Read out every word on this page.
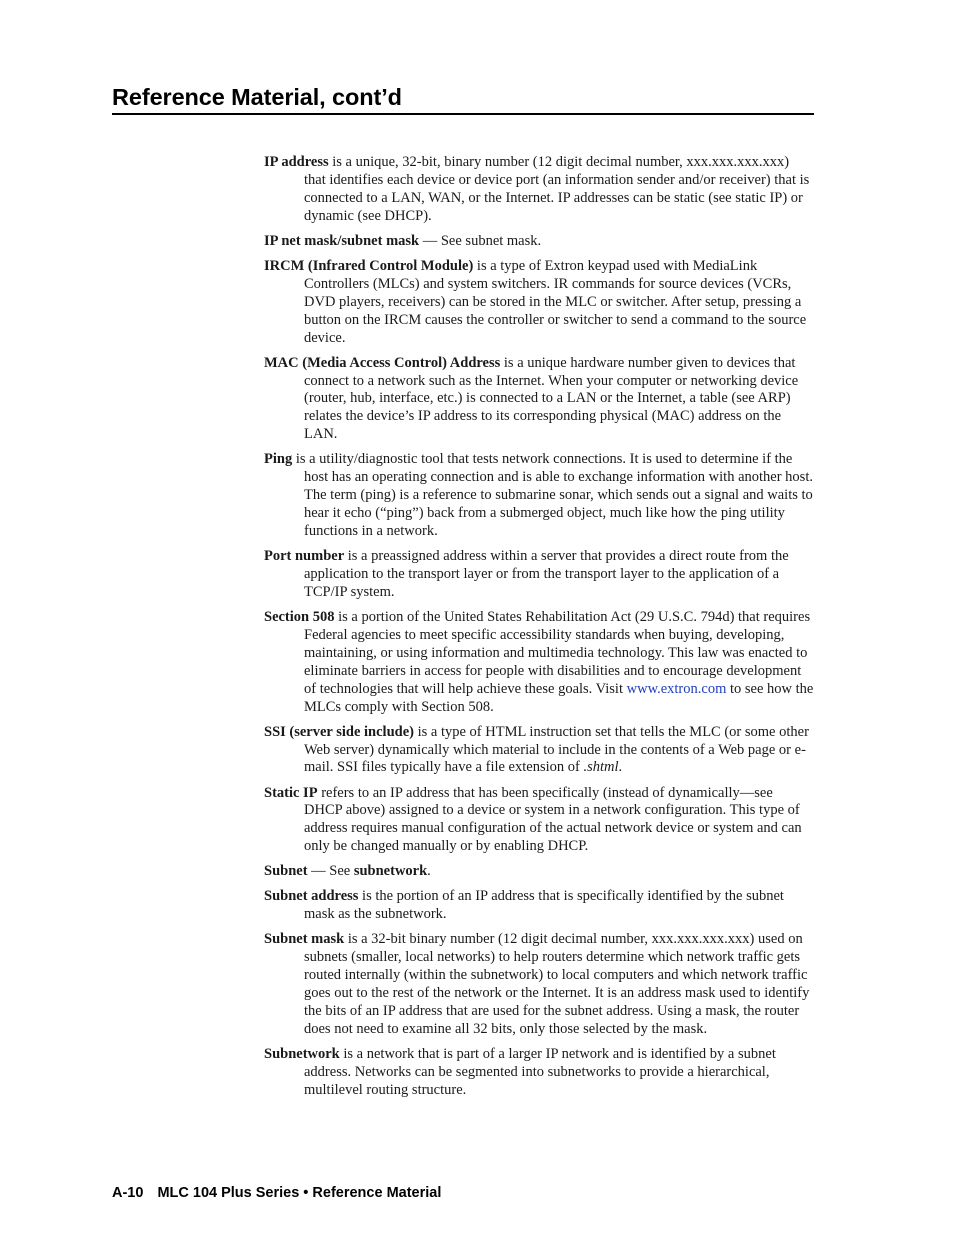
Reference Material, cont’d

IP address is a unique, 32-bit, binary number (12 digit decimal number, xxx.xxx.xxx.xxx) that identifies each device or device port (an information sender and/or receiver) that is connected to a LAN, WAN, or the Internet. IP addresses can be static (see static IP) or dynamic (see DHCP).

IP net mask/subnet mask — See subnet mask.

IRCM (Infrared Control Module) is a type of Extron keypad used with MediaLink Controllers (MLCs) and system switchers. IR commands for source devices (VCRs, DVD players, receivers) can be stored in the MLC or switcher. After setup, pressing a button on the IRCM causes the controller or switcher to send a command to the source device.

MAC (Media Access Control) Address is a unique hardware number given to devices that connect to a network such as the Internet. When your computer or networking device (router, hub, interface, etc.) is connected to a LAN or the Internet, a table (see ARP) relates the device’s IP address to its corresponding physical (MAC) address on the LAN.

Ping is a utility/diagnostic tool that tests network connections. It is used to determine if the host has an operating connection and is able to exchange information with another host. The term (ping) is a reference to submarine sonar, which sends out a signal and waits to hear it echo (“ping”) back from a submerged object, much like how the ping utility functions in a network.

Port number is a preassigned address within a server that provides a direct route from the application to the transport layer or from the transport layer to the application of a TCP/IP system.

Section 508 is a portion of the United States Rehabilitation Act (29 U.S.C. 794d) that requires Federal agencies to meet specific accessibility standards when buying, developing, maintaining, or using information and multimedia technology. This law was enacted to eliminate barriers in access for people with disabilities and to encourage development of technologies that will help achieve these goals. Visit www.extron.com to see how the MLCs comply with Section 508.

SSI (server side include) is a type of HTML instruction set that tells the MLC (or some other Web server) dynamically which material to include in the contents of a Web page or e-mail. SSI files typically have a file extension of .shtml.

Static IP refers to an IP address that has been specifically (instead of dynamically—see DHCP above) assigned to a device or system in a network configuration. This type of address requires manual configuration of the actual network device or system and can only be changed manually or by enabling DHCP.

Subnet — See subnetwork.

Subnet address is the portion of an IP address that is specifically identified by the subnet mask as the subnetwork.

Subnet mask is a 32-bit binary number (12 digit decimal number, xxx.xxx.xxx.xxx) used on subnets (smaller, local networks) to help routers determine which network traffic gets routed internally (within the subnetwork) to local computers and which network traffic goes out to the rest of the network or the Internet. It is an address mask used to identify the bits of an IP address that are used for the subnet address. Using a mask, the router does not need to examine all 32 bits, only those selected by the mask.

Subnetwork is a network that is part of a larger IP network and is identified by a subnet address. Networks can be segmented into subnetworks to provide a hierarchical, multilevel routing structure.

A-10 MLC 104 Plus Series • Reference Material
